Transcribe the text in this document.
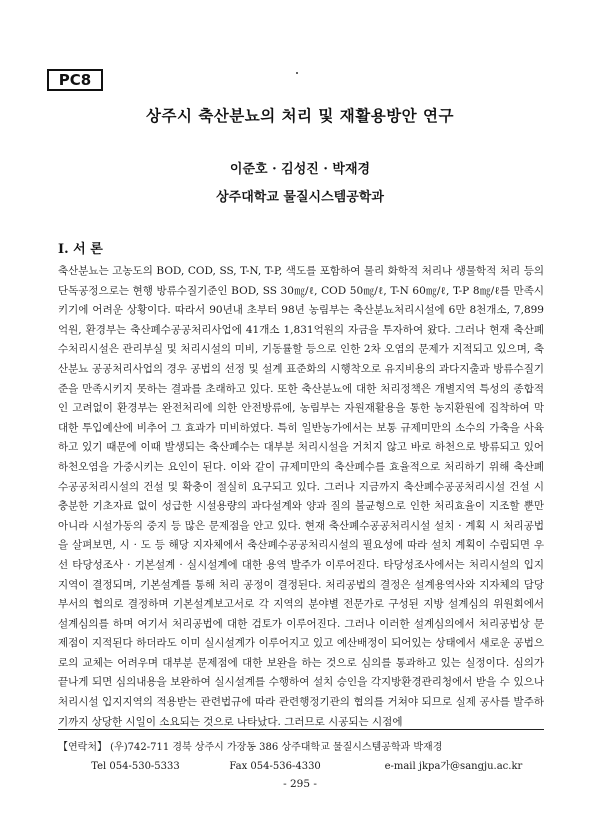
PC8
상주시 축산분뇨의 처리 및 재활용방안 연구
이준호 · 김성진 · 박재경
상주대학교 물질시스템공학과
I. 서 론

축산분뇨는 고농도의 BOD, COD, SS, T-N, T-P, 색도를 포함하여 물리 화학적 처리나 생물학적 처리 등의 단독공정으로는 현행 방류수질기준인 BOD, SS 30㎎/ℓ, COD 50㎎/ℓ, T-N 60㎎/ℓ, T-P 8㎎/ℓ를 만족시키기에 어려운 상황이다. 따라서 90년내 초부터 98년 농림부는 축산분뇨처리시설에 6만 8천개소, 7,899억원, 환경부는 축산폐수공공처리사업에 41개소 1,831억원의 자금을 투자하여 왔다. 그러나 현재 축산폐수처리시설은 관리부실 및 처리시설의 미비, 기동률할 등으로 인한 2차 오염의 문제가 지적되고 있으며, 축산분뇨 공공처리사업의 경우 공법의 선정 및 설계 표준화의 시행착오로 유지비용의 과다지출과 방류수질기준을 만족시키지 못하는 결과를 초래하고 있다. 또한 축산분뇨에 대한 처리정책은 개별지역 특성의 종합적인 고려없이 환경부는 완전처리에 의한 안전방류에, 농림부는 자원재활용을 통한 농지환원에 집착하여 막대한 투입예산에 비추어 그 효과가 미비하였다. 특히 일반농가에서는 보통 규제미만의 소수의 가축을 사육하고 있기 때문에 이때 발생되는 축산폐수는 대부분 처리시설을 거치지 않고 바로 하천으로 방류되고 있어 하천오염을 가중시키는 요인이 된다. 이와 같이 규제미만의 축산폐수를 효율적으로 처리하기 위해 축산폐수공공처리시설의 건설 및 확충이 절실히 요구되고 있다. 그러나 지금까지 축산폐수공공처리시설 건설 시 충분한 기초자료 없이 성급한 시설용량의 과다설계와 양과 질의 불균형으로 인한 처리효율이 지조할 뿐만 아니라 시설가동의 중지 등 많은 문제점을 안고 있다. 현재 축산폐수공공처리시설 설치 · 계획 시 처리공법을 살펴보면, 시 · 도 등 해당 지자체에서 축산폐수공공처리시설의 필요성에 따라 설치 계획이 수립되면 우선 타당성조사 · 기본설계 · 실시설계에 대한 용역 발주가 이루어진다. 타당성조사에서는 처리시설의 입지지역이 결정되며, 기본설계를 통해 처리 공정이 결정된다. 처리공법의 결정은 설계용역사와 지자체의 담당부서의 협의로 결정하며 기본설계보고서로 각 지역의 분야별 전문가로 구성된 지방 설계심의 위원회에서 설계심의를 하며 여기서 처리공법에 대한 검토가 이루어진다. 그러나 이러한 설계심의에서 처리공법상 문제점이 지적된다 하더라도 이미 실시설계가 이루어지고 있고 예산배정이 되어있는 상태에서 새로운 공법으로의 교체는 어려우며 대부분 문제점에 대한 보완을 하는 것으로 심의를 통과하고 있는 실정이다. 심의가 끝나게 되면 심의내용을 보완하여 실시설계를 수행하여 설치 승인을 각지방환경관리청에서 받을 수 있으나 처리시설 입지지역의 적용받는 관련법규에 따라 관련행정기관의 협의를 거쳐야 되므로 실제 공사를 발주하기까지 상당한 시일이 소요되는 것으로 나타났다. 그러므로 시공되는 시점에

【연락처】 (우)742-711 경북 상주시 가장동 386 상주대학교 물질시스템공학과 박재경
Tel 054-530-5333	Fax 054-536-4330	e-mail jkpa가@sangju.ac.kr
- 295 -
